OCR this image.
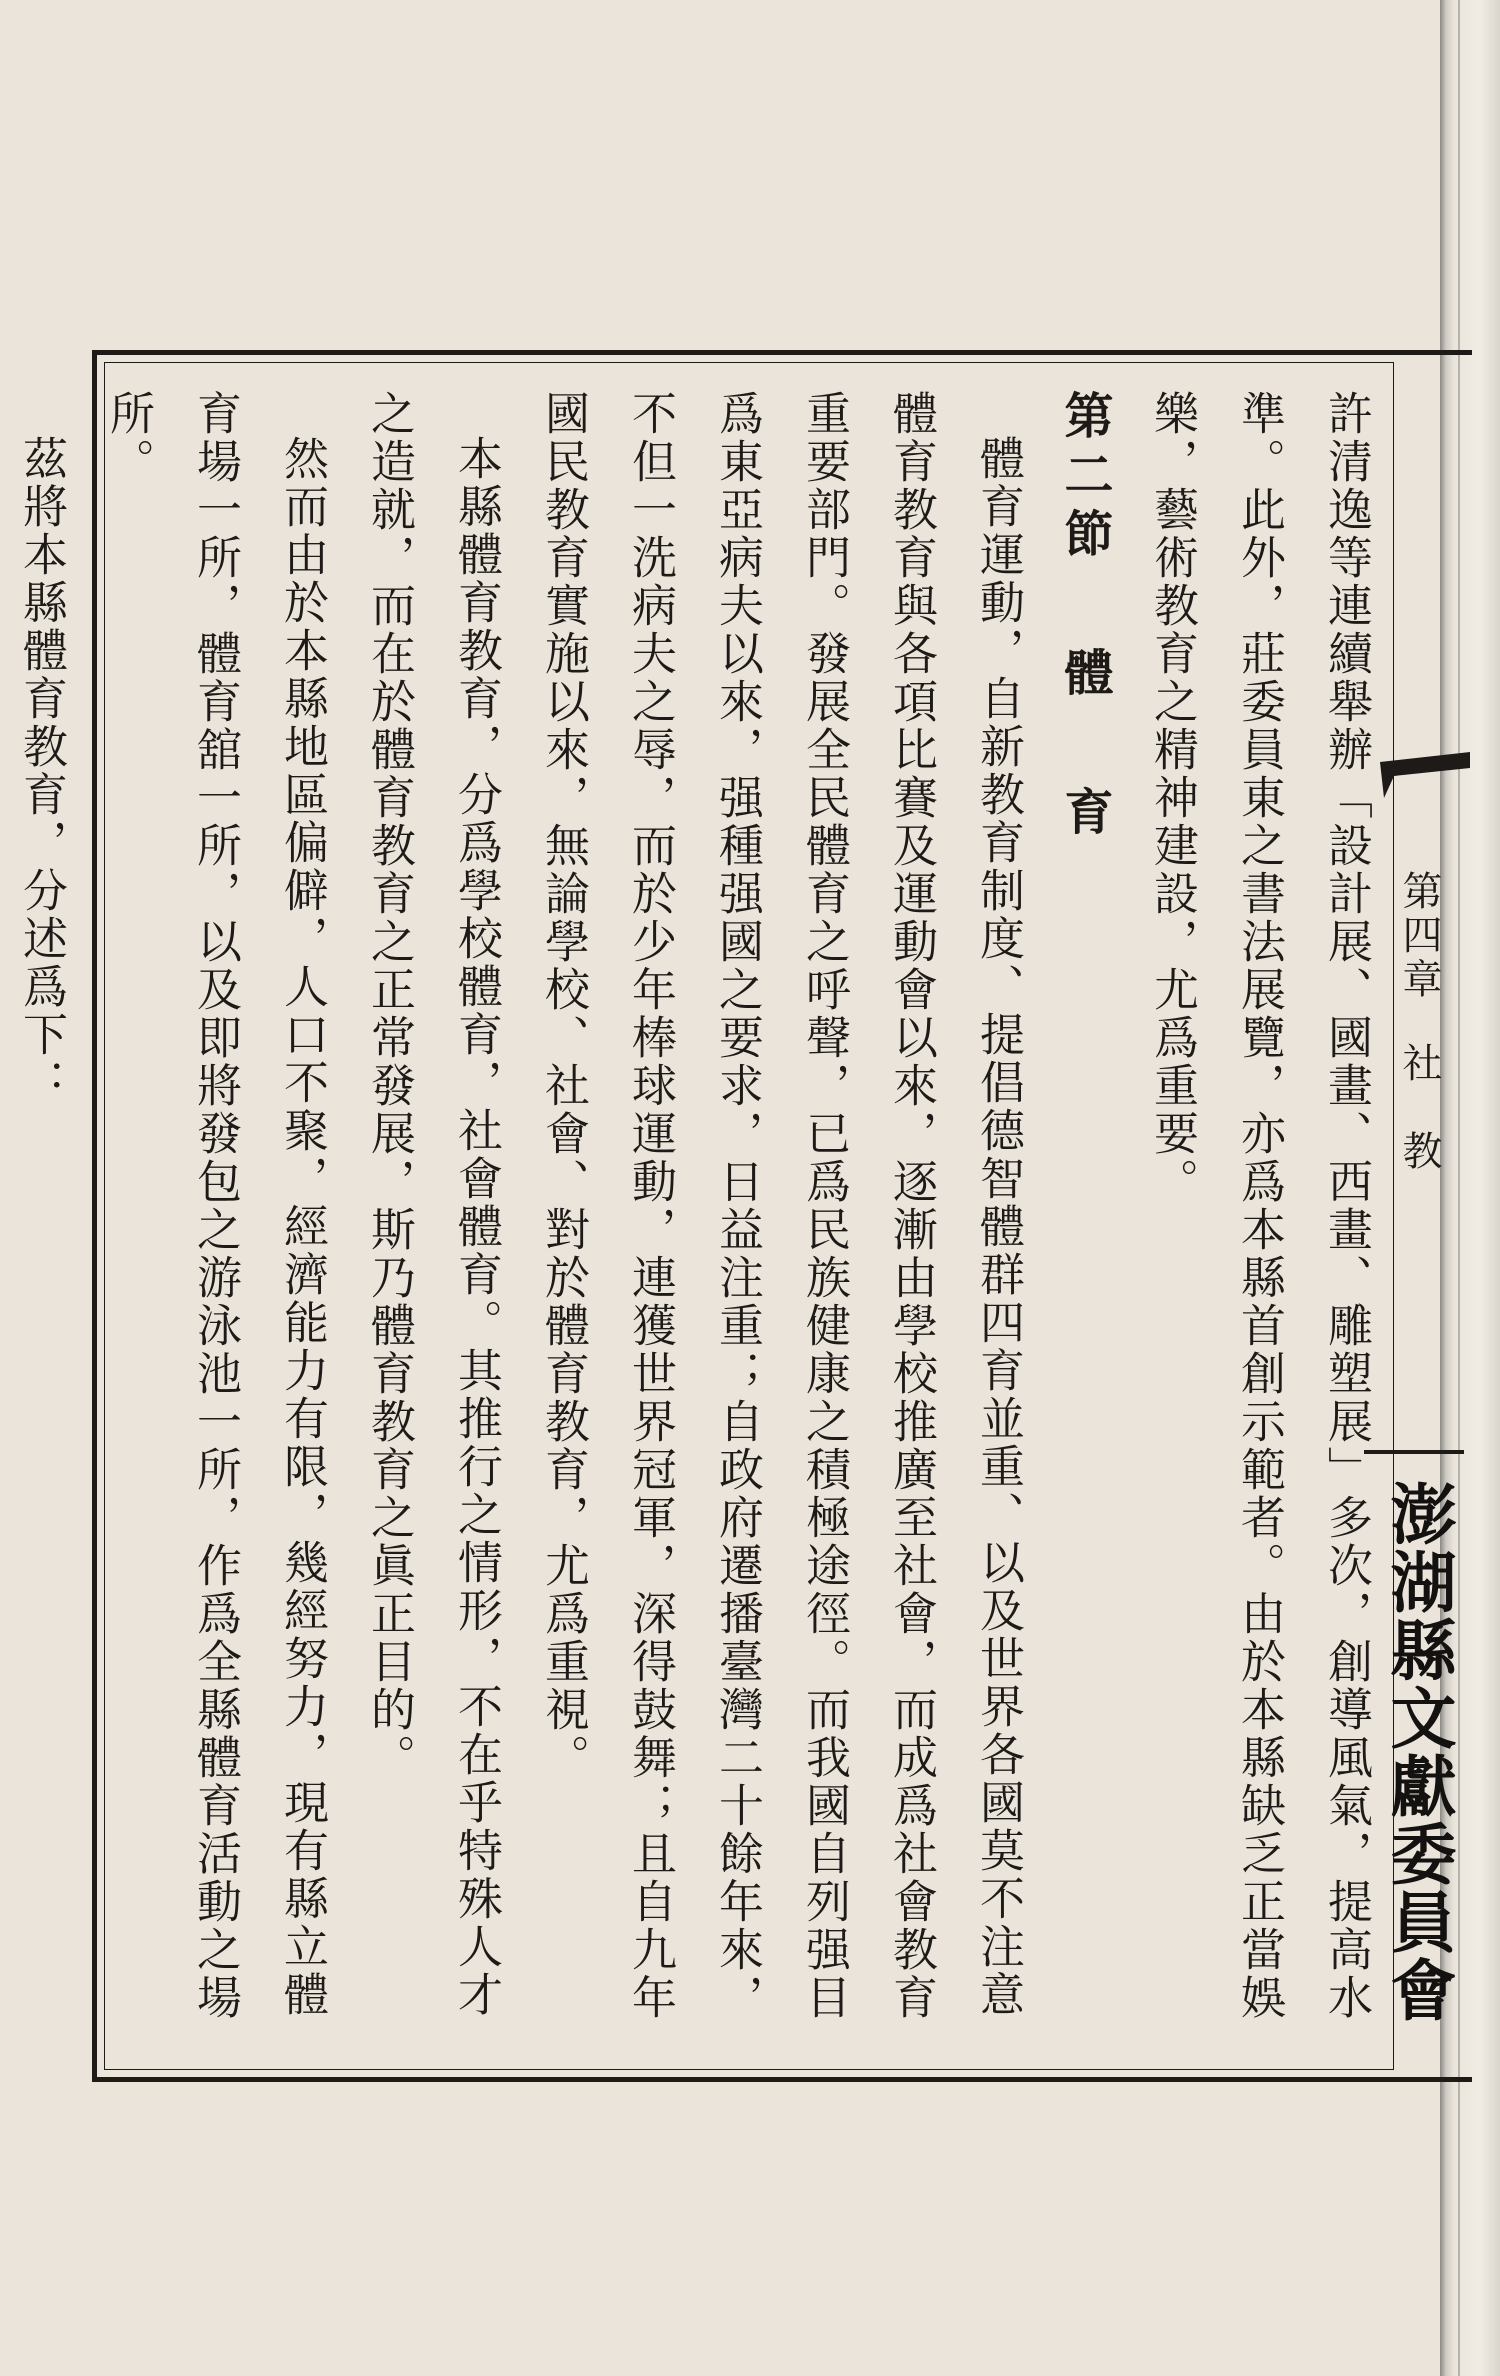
第四章社　教
澎湖縣文獻委員會

許清逸等連續舉辦「設計展、國畫、西畫、雕塑展」多次，創導風氣，提高水準。此外，莊委員東之書法展覽，亦爲本縣首創示範者。由於本縣缺乏正當娛樂，藝術教育之精神建設，尤爲重要。

第二節體育

體育運動，自新教育制度、提倡德智體群四育並重、以及世界各國莫不注意體育教育與各項比賽及運動會以來，逐漸由學校推廣至社會，而成爲社會教育重要部門。發展全民體育之呼聲，已爲民族健康之積極途徑。而我國自列强目爲東亞病夫以來，强種强國之要求，日益注重；自政府遷播臺灣二十餘年來，不但一洗病夫之辱，而於少年棒球運動，連獲世界冠軍，深得鼓舞；且自九年國民教育實施以來，無論學校、社會、對於體育教育，尤爲重視。

本縣體育教育，分爲學校體育，社會體育。其推行之情形，不在乎特殊人才之造就，而在於體育教育之正常發展，斯乃體育教育之眞正目的。

然而由於本縣地區偏僻，人口不聚，經濟能力有限，幾經努力，現有縣立體育場一所，體育舘一所，以及即將發包之游泳池一所，作爲全縣體育活動之場所。

茲將本縣體育教育，分述爲下：
